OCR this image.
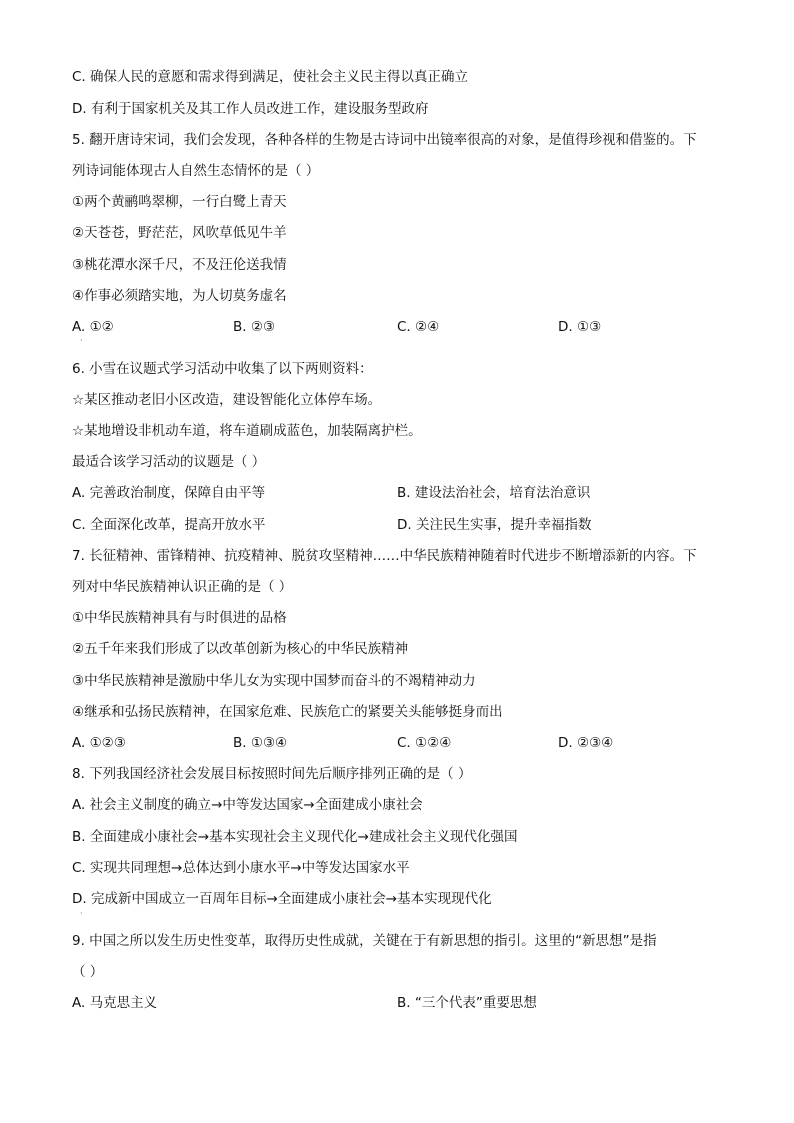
C. 确保人民的意愿和需求得到满足，使社会主义民主得以真正确立
D. 有利于国家机关及其工作人员改进工作，建设服务型政府
5. 翻开唐诗宋词，我们会发现，各种各样的生物是古诗词中出镜率很高的对象，是值得珍视和借鉴的。下
列诗词能体现古人自然生态情怀的是（ ）
①两个黄鹂鸣翠柳，一行白鹭上青天
②天苍苍，野茫茫，风吹草低见牛羊
③桃花潭水深千尺，不及汪伦送我情
④作事必须踏实地，为人切莫务虚名
A. ①②	B. ②③	C. ②④	D. ①③
·
6. 小雪在议题式学习活动中收集了以下两则资料：
☆某区推动老旧小区改造，建设智能化立体停车场。
☆某地增设非机动车道，将车道刷成蓝色，加装隔离护栏。
最适合该学习活动的议题是（ ）
A. 完善政治制度，保障自由平等	B. 建设法治社会，培育法治意识
C. 全面深化改革，提高开放水平	D. 关注民生实事，提升幸福指数
7. 长征精神、雷锋精神、抗疫精神、脱贫攻坚精神……中华民族精神随着时代进步不断增添新的内容。下
列对中华民族精神认识正确的是（ ）
①中华民族精神具有与时俱进的品格
②五千年来我们形成了以改革创新为核心的中华民族精神
③中华民族精神是激励中华儿女为实现中国梦而奋斗的不竭精神动力
④继承和弘扬民族精神，在国家危难、民族危亡的紧要关头能够挺身而出
A. ①②③	B. ①③④	C. ①②④	D. ②③④
8. 下列我国经济社会发展目标按照时间先后顺序排列正确的是（ ）
A. 社会主义制度的确立→中等发达国家→全面建成小康社会
B. 全面建成小康社会→基本实现社会主义现代化→建成社会主义现代化强国
C. 实现共同理想→总体达到小康水平→中等发达国家水平
D. 完成新中国成立一百周年目标→全面建成小康社会→基本实现现代化
·
9. 中国之所以发生历史性变革，取得历史性成就，关键在于有新思想的指引。这里的“新思想”是指
（ ）
A. 马克思主义	B. “三个代表”重要思想
